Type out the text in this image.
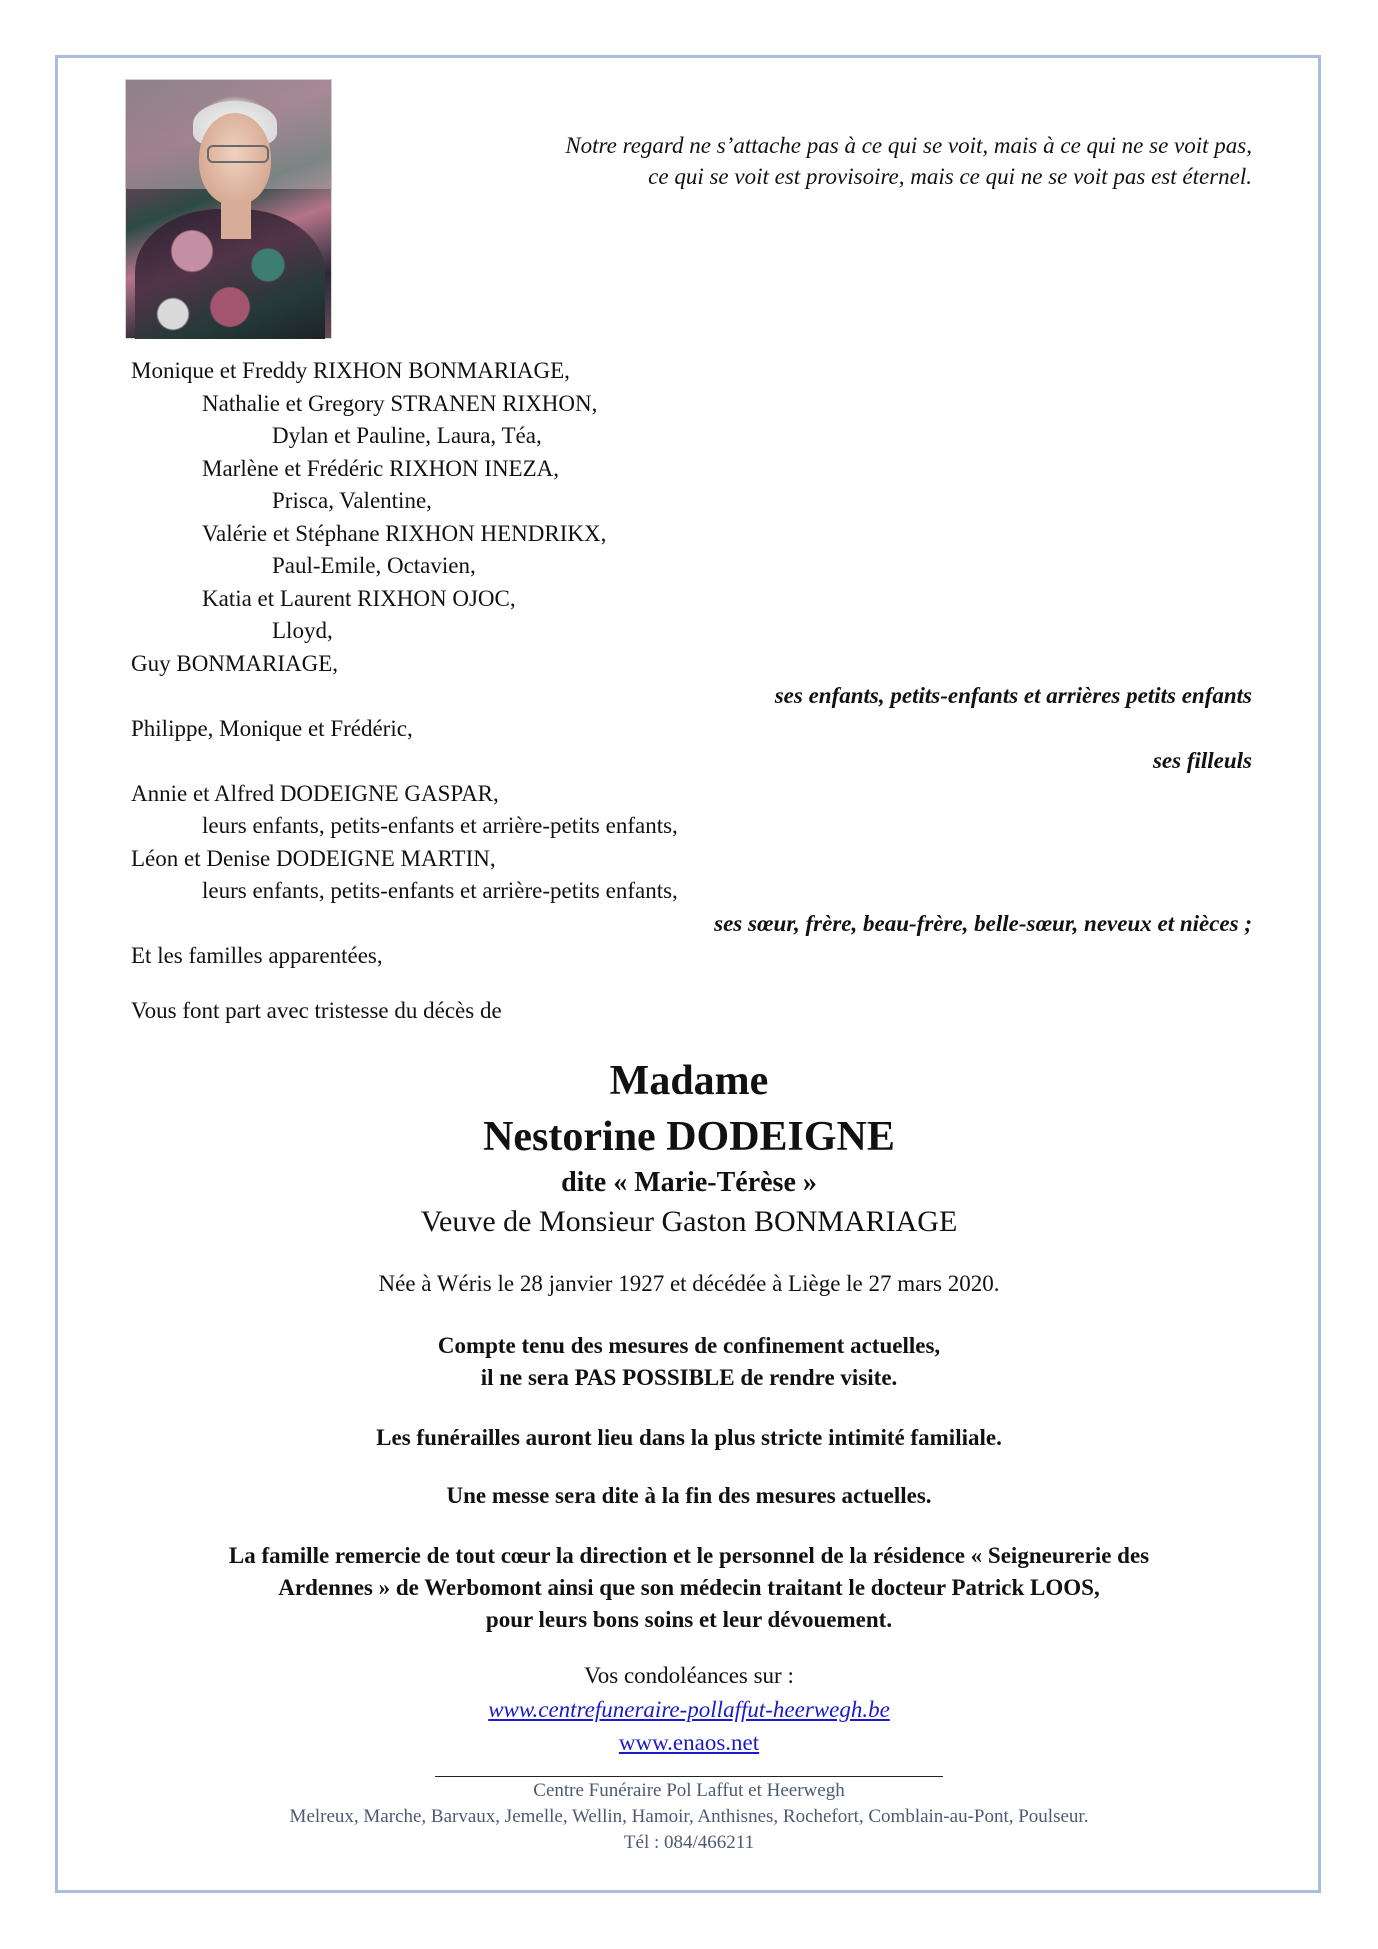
Notre regard ne s’attache pas à ce qui se voit, mais à ce qui ne se voit pas,
ce qui se voit est provisoire, mais ce qui ne se voit pas est éternel.
Monique et Freddy RIXHON BONMARIAGE,
Nathalie et Gregory STRANEN RIXHON,
Dylan et Pauline, Laura, Téa,
Marlène et Frédéric RIXHON INEZA,
Prisca, Valentine,
Valérie et Stéphane RIXHON HENDRIKX,
Paul-Emile, Octavien,
Katia et Laurent RIXHON OJOC,
Lloyd,
Guy BONMARIAGE,
ses enfants, petits-enfants et arrières petits enfants
Philippe, Monique et Frédéric,
ses filleuls
Annie et Alfred DODEIGNE GASPAR,
leurs enfants, petits-enfants et arrière-petits enfants,
Léon et Denise DODEIGNE MARTIN,
leurs enfants, petits-enfants et arrière-petits enfants,
ses sœur, frère, beau-frère, belle-sœur, neveux et nièces ;
Et les familles apparentées,
Vous font part avec tristesse du décès de
Madame
Nestorine DODEIGNE
dite « Marie-Térèse »
Veuve de Monsieur Gaston BONMARIAGE
Née à Wéris le 28 janvier 1927 et décédée à Liège le 27 mars 2020.
Compte tenu des mesures de confinement actuelles,
il ne sera PAS POSSIBLE de rendre visite.
Les funérailles auront lieu dans la plus stricte intimité familiale.
Une messe sera dite à la fin des mesures actuelles.
La famille remercie de tout cœur la direction et le personnel de la résidence « Seigneurerie des
Ardennes » de Werbomont ainsi que son médecin traitant le docteur Patrick LOOS,
pour leurs bons soins et leur dévouement.
Vos condoléances sur :
www.centrefuneraire-pollaffut-heerwegh.be
www.enaos.net
Centre Funéraire Pol Laffut et Heerwegh
Melreux, Marche, Barvaux, Jemelle, Wellin, Hamoir, Anthisnes, Rochefort, Comblain-au-Pont, Poulseur.
Tél : 084/466211
